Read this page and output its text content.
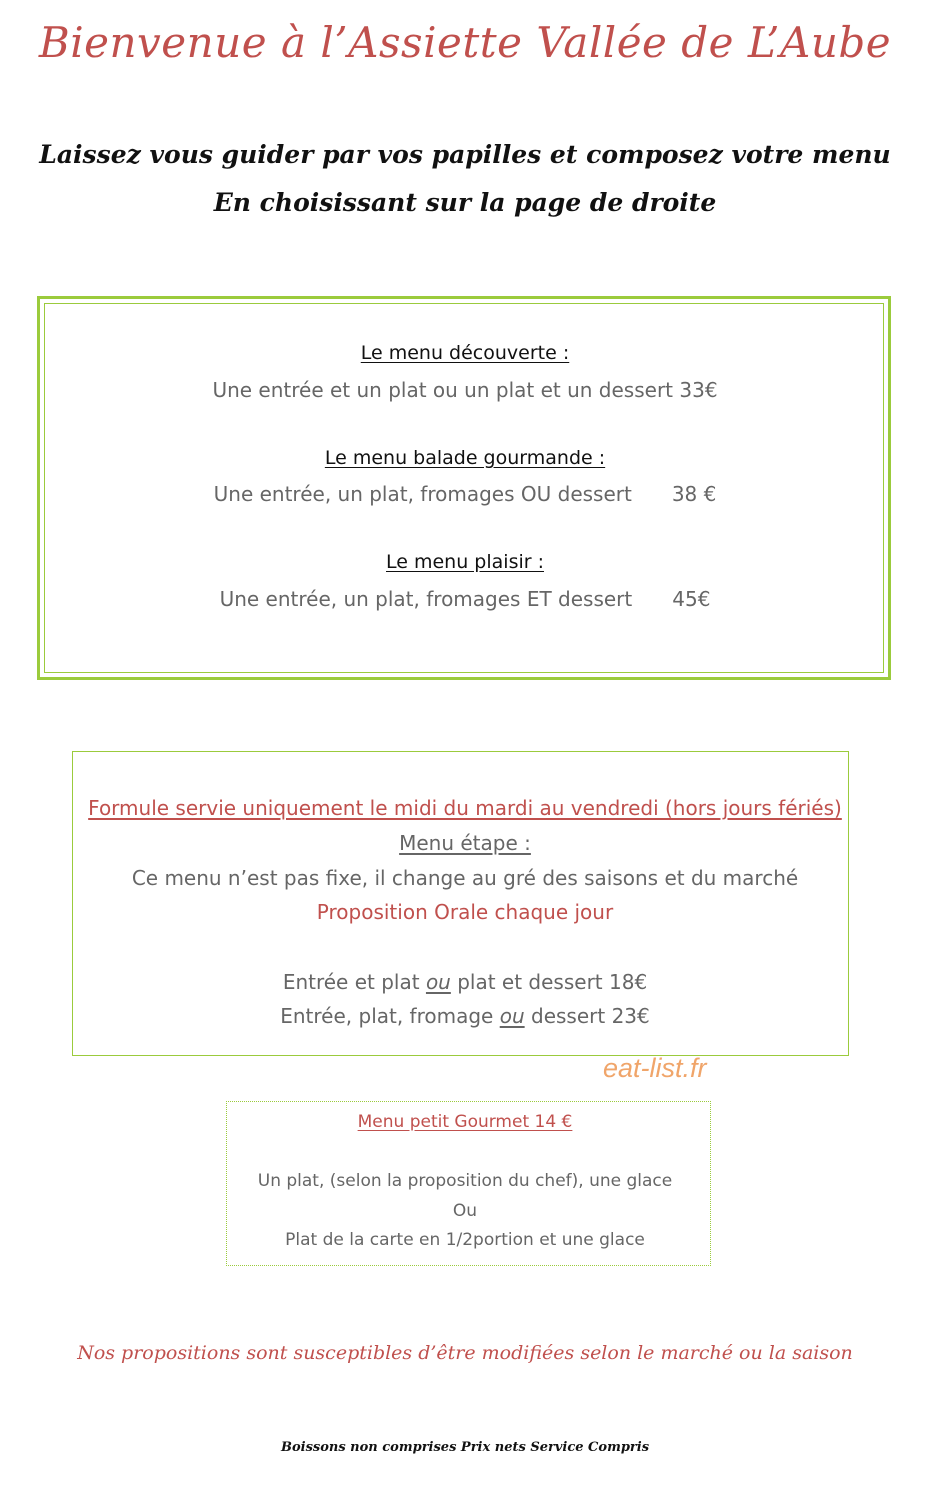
Bienvenue à l’Assiette Vallée de L’Aube
Laissez vous guider par vos papilles et composez votre menu
En choisissant sur la page de droite
Le menu découverte :
Une entrée et un plat ou un plat et un dessert 33€
Le menu balade gourmande :
Une entrée, un plat, fromages OU dessert 38 €
Le menu plaisir :
Une entrée, un plat, fromages ET dessert 45€
Formule servie uniquement le midi du mardi au vendredi (hors jours fériés)
Menu étape :
Ce menu n’est pas fixe, il change au gré des saisons et du marché
Proposition Orale chaque jour
Entrée et plat ou plat et dessert 18€
Entrée, plat, fromage ou dessert 23€
eat-list.fr
Menu petit Gourmet 14 €
Un plat, (selon la proposition du chef), une glace
Ou
Plat de la carte en 1/2portion et une glace
Nos propositions sont susceptibles d’être modifiées selon le marché ou la saison
Boissons non comprises Prix nets Service Compris
